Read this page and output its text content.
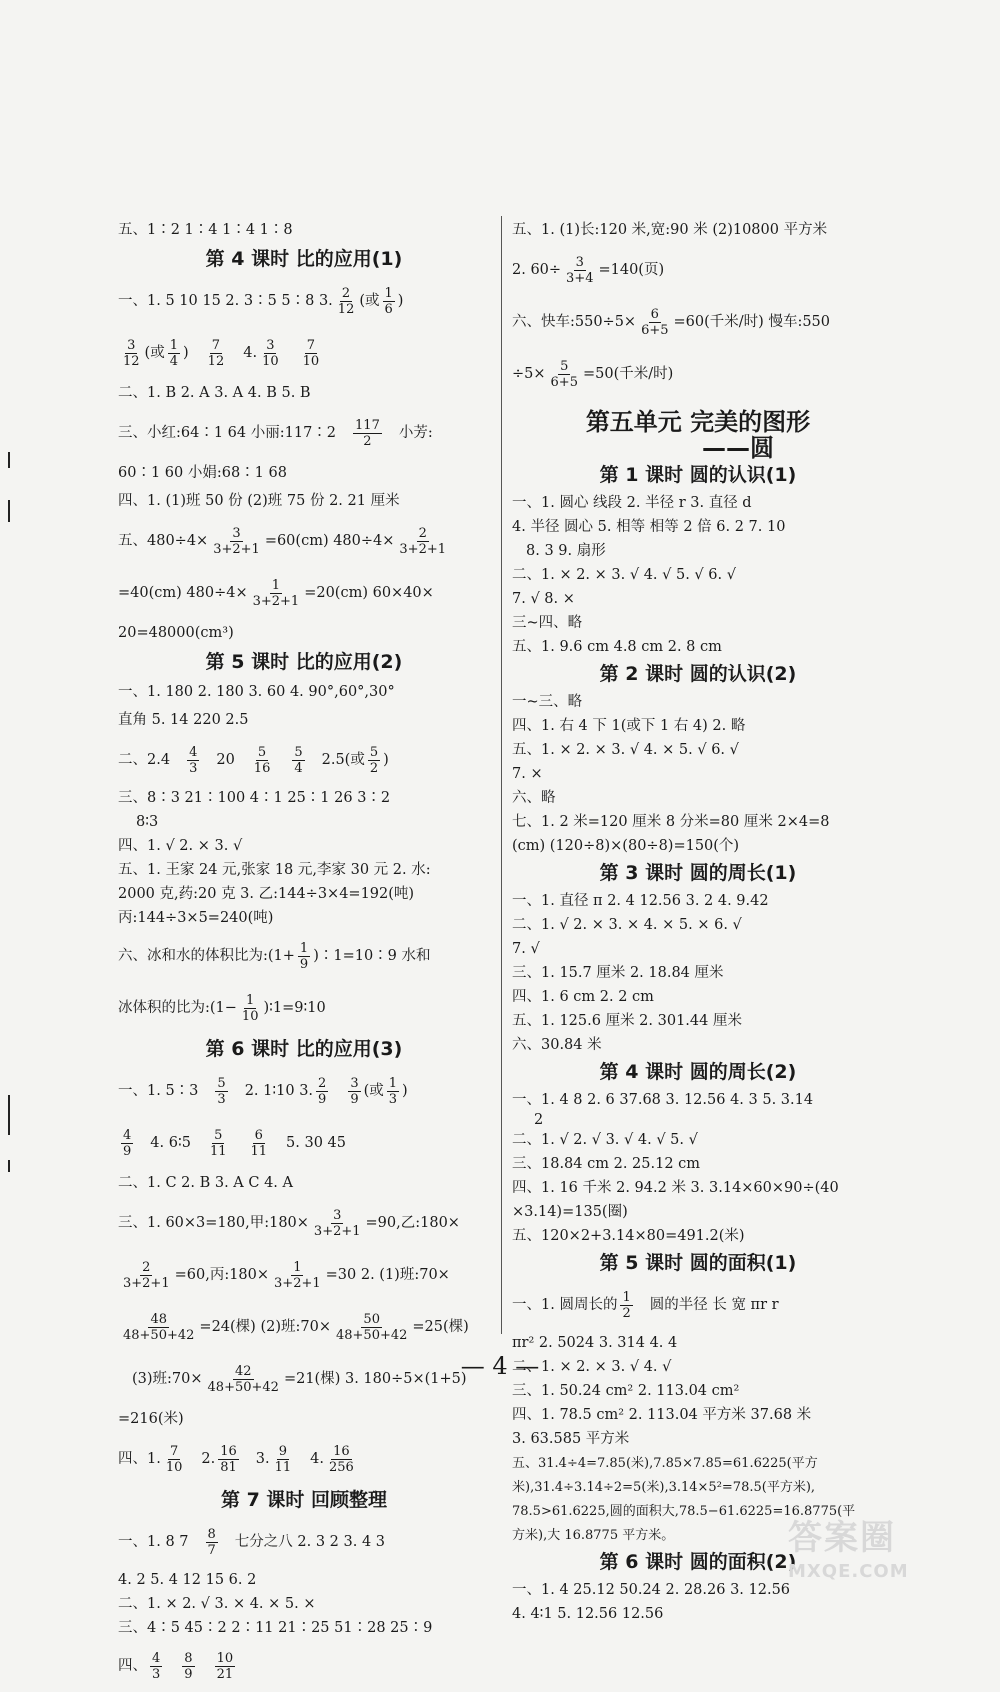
五、1∶2 1∶4 1∶4 1∶8
第 4 课时 比的应用(1)
一、1. 5 10 15 2. 3∶5 5∶8 3. $\frac{2}{12}$ (或 $\frac{1}{6}$ )
$\frac{3}{12}$ (或 $\frac{1}{4}$ ) $\frac{7}{12} 4$. $\frac{3}{10} \frac{7}{10}$
二、1. B 2. A 3. A 4. B 5. B
三、小红:64∶1 64 小丽:117∶2 $\frac{117}{2}$ 小芳:
60∶1 60 小娟:68∶1 68
四、1. (1)班 50 份 (2)班 75 份 2. 21 厘米
五、$480\div 4\times \frac{3}{3+2+1} =60(cm)$ $480\div 4\times \frac{2}{3+2+1}$
=40(cm) $480\div 4\times \frac{1}{3+2+1} =20(cm)$ 60×40×
20=48000(cm³)
第 5 课时 比的应用(2)
一、1. 180 2. 180 3. 60 4. 90°,60°,30°
直角 5. 14 220 2.5
二、$2.4 \frac{4}{3} 20 \frac{5}{16} \frac{5}{4} 2.5$(或 $\frac{5}{2}$ )
三、8∶3 21∶100 4∶1 25∶1 26 3∶2
8∶3
四、1. √ 2. × 3. √
五、1. 王家 24 元,张家 18 元,李家 30 元 2. 水:
2000 克,药:20 克 3. 乙:144÷3×4=192(吨)
丙:144÷3×5=240(吨)
六、冰和水的体积比为:(1+ $\frac{1}{9}$ )∶1=10∶9 水和
冰体积的比为:(1− $\frac{1}{10}$ )∶1=9∶10
第 6 课时 比的应用(3)
一、1. 5∶3 $\frac{5}{3} 2$. 1∶10 3. $\frac{2}{9} \frac{3}{9}$ (或 $\frac{1}{3}$ )
$\frac{4}{9} 4$. 6∶5 $\frac{5}{11} \frac{6}{11} 5$. 30 45
二、1. C 2. B 3. A C 4. A
三、1. 60×3=180,甲:180× $\frac{3}{3+2+1} =90$,乙:180×
$\frac{2}{3+2+1} =60$,丙:180× $\frac{1}{3+2+1} =30$ 2. (1)班:70×
$\frac{48}{48+50+42} =24$(棵) (2)班:70× $\frac{50}{48+50+42} =25$(棵)
(3)班:70× $\frac{42}{48+50+42} =21$(棵) 3. 180÷5×(1+5)
=216(米)
四、1. $\frac{7}{10} 2$. $\frac{16}{81} 3$. $\frac{9}{11} 4$. $\frac{16}{256}$
第 7 课时 回顾整理
一、1. 8 $7 \frac{8}{7}$ 七分之八 2. 3 2 3. 4 3
4. 2 5. 4 12 15 6. 2
二、1. × 2. √ 3. × 4. × 5. ×
三、4∶5 45∶2 2∶11 21∶25 51∶28 25∶9
四、 $\frac{4}{3} \frac{8}{9} \frac{10}{21}$
五、1. (1)长:120 米,宽:90 米 (2)10800 平方米
2. $60\div \frac{3}{3+4} =140$(页)
六、快车:550÷5× $\frac{6}{6+5} =60$(千米/时) 慢车:550
$\div 5\times \frac{5}{6+5} =50$(千米/时)
第五单元 完美的图形
——圆
第 1 课时 圆的认识(1)
一、1. 圆心 线段 2. 半径 r 3. 直径 d
4. 半径 圆心 5. 相等 相等 2 倍 6. 2 7. 10
8. 3 9. 扇形
二、1. × 2. × 3. √ 4. √ 5. √ 6. √
7. √ 8. ×
三~四、略
五、1. 9.6 cm 4.8 cm 2. 8 cm
第 2 课时 圆的认识(2)
一~三、略
四、1. 右 4 下 1(或下 1 右 4) 2. 略
五、1. × 2. × 3. √ 4. × 5. √ 6. √
7. ×
六、略
七、1. 2 米=120 厘米 8 分米=80 厘米 2×4=8
(cm) (120÷8)×(80÷8)=150(个)
第 3 课时 圆的周长(1)
一、1. 直径 π 2. 4 12.56 3. 2 4. 9.42
二、1. √ 2. × 3. × 4. × 5. × 6. √
7. √
三、1. 15.7 厘米 2. 18.84 厘米
四、1. 6 cm 2. 2 cm
五、1. 125.6 厘米 2. 301.44 厘米
六、30.84 米
第 4 课时 圆的周长(2)
一、1. 4 8 2. 6 37.68 3. 12.56 4. 3 5. 3.14
2
二、1. √ 2. √ 3. √ 4. √ 5. √
三、18.84 cm 2. 25.12 cm
四、1. 16 千米 2. 94.2 米 3. 3.14×60×90÷(40
×3.14)=135(圈)
五、120×2+3.14×80=491.2(米)
第 5 课时 圆的面积(1)
一、1. 圆周长的 $\frac{1}{2}$ 圆的半径 长 宽 πr r
πr² 2. 5024 3. 314 4. 4
二、1. × 2. × 3. √ 4. √
三、1. 50.24 cm² 2. 113.04 cm²
四、1. 78.5 cm² 2. 113.04 平方米 37.68 米
3. 63.585 平方米
五、31.4÷4=7.85(米),7.85×7.85=61.6225(平方
米),31.4÷3.14÷2=5(米),3.14×5²=78.5(平方米),
78.5>61.6225,圆的面积大,78.5−61.6225=16.8775(平
方米),大 16.8775 平方米。
第 6 课时 圆的面积(2)
一、1. 4 25.12 50.24 2. 28.26 3. 12.56
4. 4∶1 5. 12.56 12.56
— 4 —
答案圈
MXQE.COM
